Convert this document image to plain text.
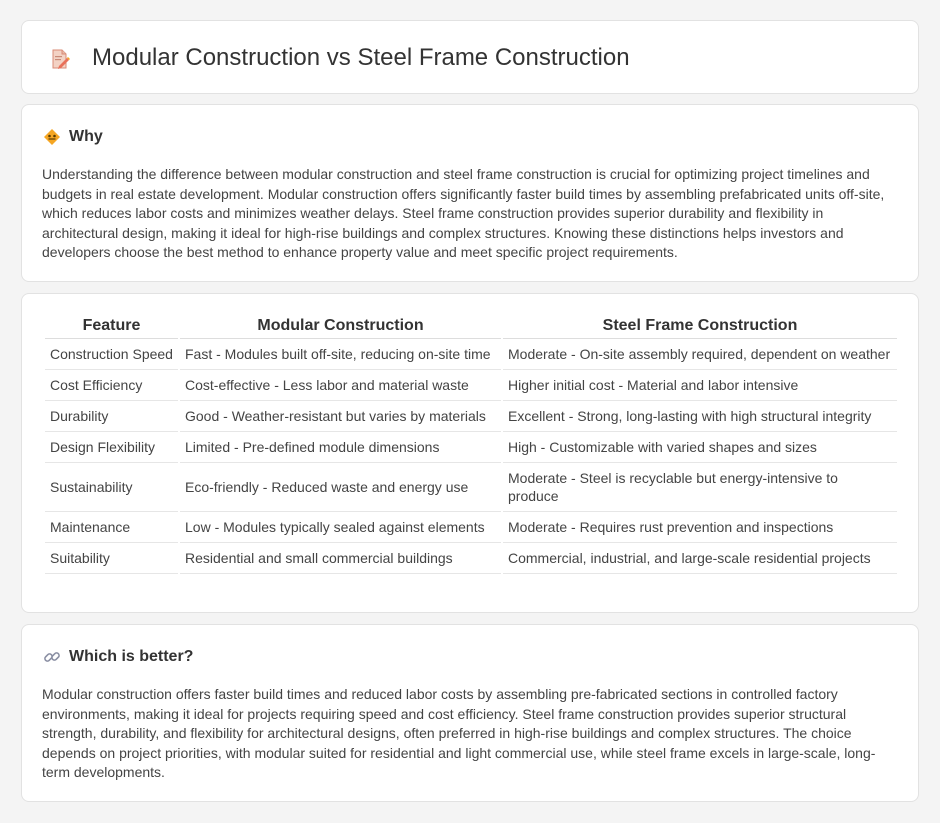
Modular Construction vs Steel Frame Construction
Why

Understanding the difference between modular construction and steel frame construction is crucial for optimizing project timelines and budgets in real estate development. Modular construction offers significantly faster build times by assembling prefabricated units off-site, which reduces labor costs and minimizes weather delays. Steel frame construction provides superior durability and flexibility in architectural design, making it ideal for high-rise buildings and complex structures. Knowing these distinctions helps investors and developers choose the best method to enhance property value and meet specific project requirements.

Feature	Modular Construction	Steel Frame Construction
Construction Speed	Fast - Modules built off-site, reducing on-site time	Moderate - On-site assembly required, dependent on weather
Cost Efficiency	Cost-effective - Less labor and material waste	Higher initial cost - Material and labor intensive
Durability	Good - Weather-resistant but varies by materials	Excellent - Strong, long-lasting with high structural integrity
Design Flexibility	Limited - Pre-defined module dimensions	High - Customizable with varied shapes and sizes
Sustainability	Eco-friendly - Reduced waste and energy use	Moderate - Steel is recyclable but energy-intensive to produce
Maintenance	Low - Modules typically sealed against elements	Moderate - Requires rust prevention and inspections
Suitability	Residential and small commercial buildings	Commercial, industrial, and large-scale residential projects
Which is better?

Modular construction offers faster build times and reduced labor costs by assembling pre-fabricated sections in controlled factory environments, making it ideal for projects requiring speed and cost efficiency. Steel frame construction provides superior structural strength, durability, and flexibility for architectural designs, often preferred in high-rise buildings and complex structures. The choice depends on project priorities, with modular suited for residential and light commercial use, while steel frame excels in large-scale, long-term developments.
